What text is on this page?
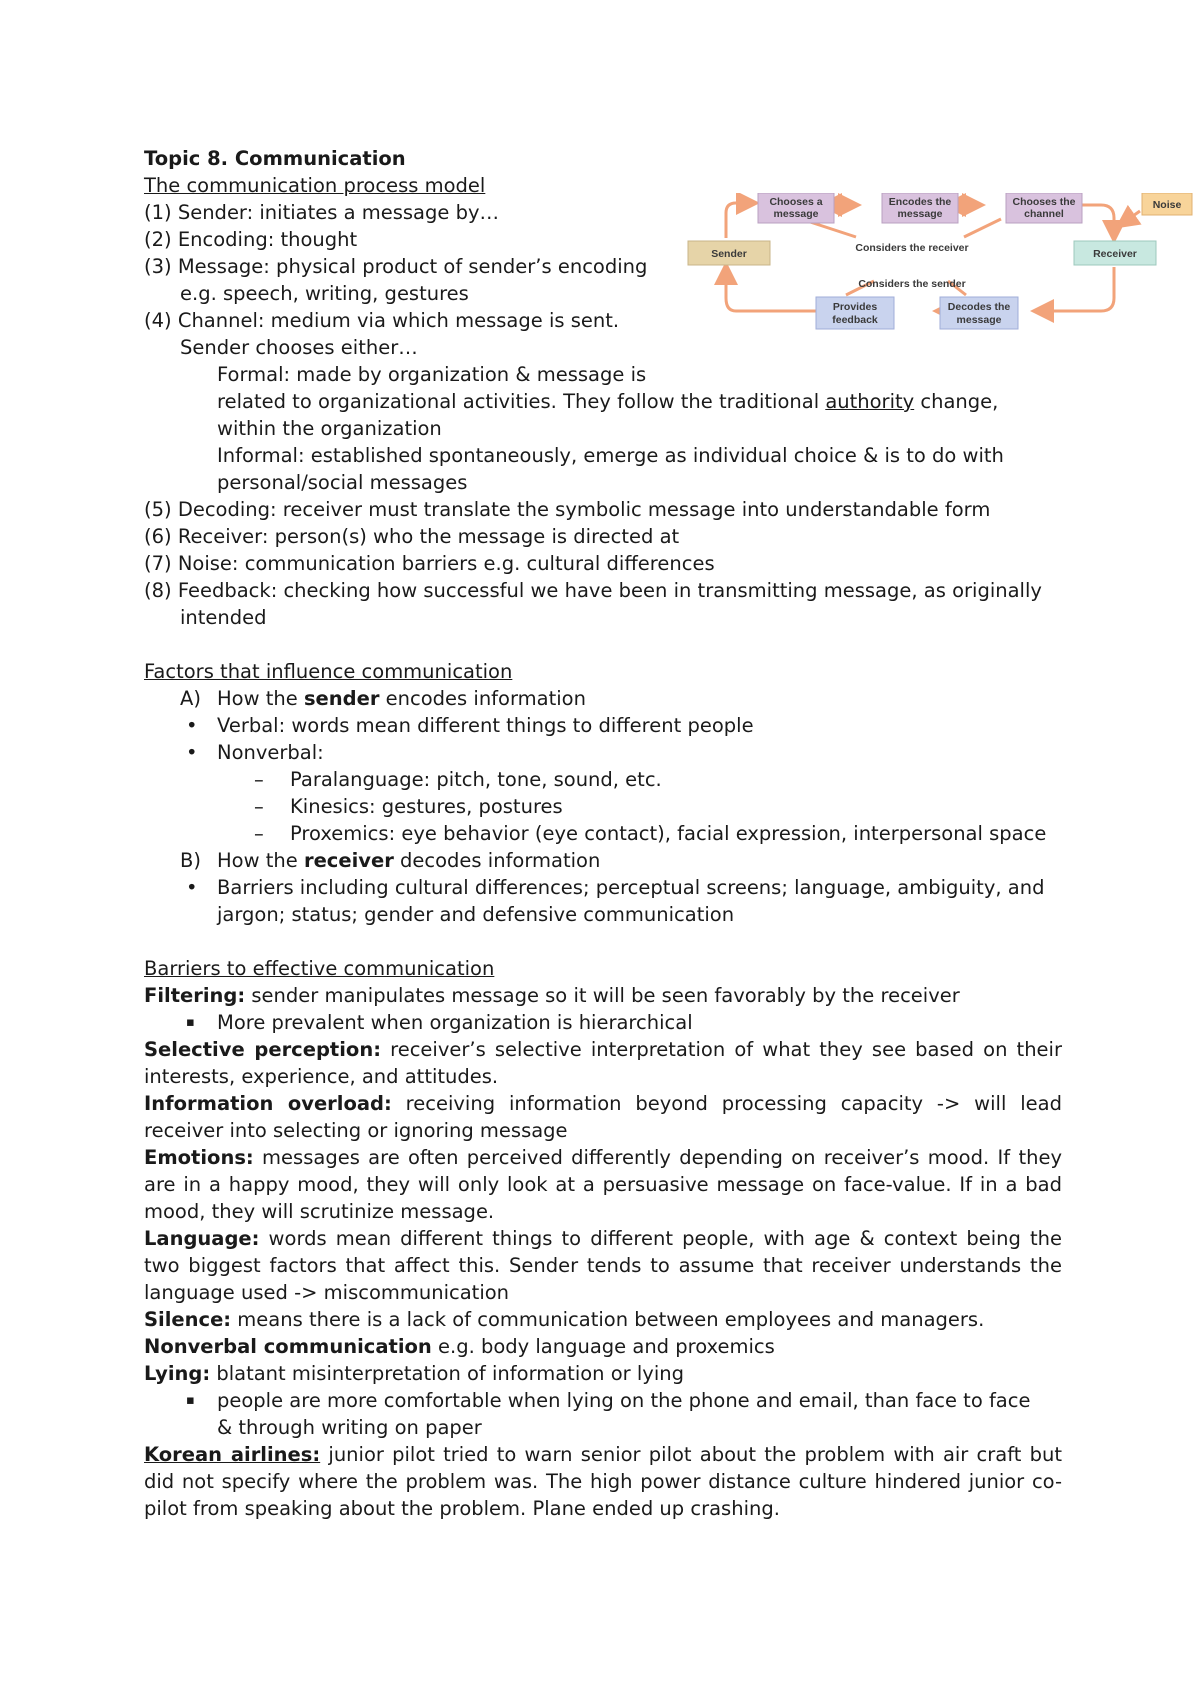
Topic 8. Communication
The communication process model
(1) Sender: initiates a message by…
(2) Encoding: thought
(3) Message: physical product of sender’s encoding
e.g. speech, writing, gestures
(4) Channel: medium via which message is sent.
Sender chooses either…
Formal: made by organization & message is
related to organizational activities. They follow the traditional authority change,
within the organization
Informal: established spontaneously, emerge as individual choice & is to do with
personal/social messages
(5) Decoding: receiver must translate the symbolic message into understandable form
(6) Receiver: person(s) who the message is directed at
(7) Noise: communication barriers e.g. cultural differences
(8) Feedback: checking how successful we have been in transmitting message, as originally
intended
Factors that influence communication
A) How the sender encodes information
• Verbal: words mean different things to different people
• Nonverbal:
–	Paralanguage: pitch, tone, sound, etc.
–	Kinesics: gestures, postures
–	Proxemics: eye behavior (eye contact), facial expression, interpersonal space
B) How the receiver decodes information
• Barriers including cultural differences; perceptual screens; language, ambiguity, and
jargon; status; gender and defensive communication
Barriers to effective communication
Filtering: sender manipulates message so it will be seen favorably by the receiver
▪	More prevalent when organization is hierarchical
Selective perception: receiver’s selective interpretation of what they see based on their interests, experience, and attitudes.
Information overload: receiving information beyond processing capacity -> will lead receiver into selecting or ignoring message
Emotions: messages are often perceived differently depending on receiver’s mood. If they are in a happy mood, they will only look at a persuasive message on face-value. If in a bad mood, they will scrutinize message.
Language: words mean different things to different people, with age & context being the two biggest factors that affect this. Sender tends to assume that receiver understands the language used -> miscommunication
Silence: means there is a lack of communication between employees and managers.
Nonverbal communication e.g. body language and proxemics
Lying: blatant misinterpretation of information or lying
▪	people are more comfortable when lying on the phone and email, than face to face
& through writing on paper
Korean airlines: junior pilot tried to warn senior pilot about the problem with air craft but did not specify where the problem was. The high power distance culture hindered junior co-pilot from speaking about the problem. Plane ended up crashing.
Chooses a
message
Encodes the
message
Chooses the
channel
Noise
Sender	Receiver
Considers the receiver
Considers the sender
Provides
feedback
Decodes the
message
